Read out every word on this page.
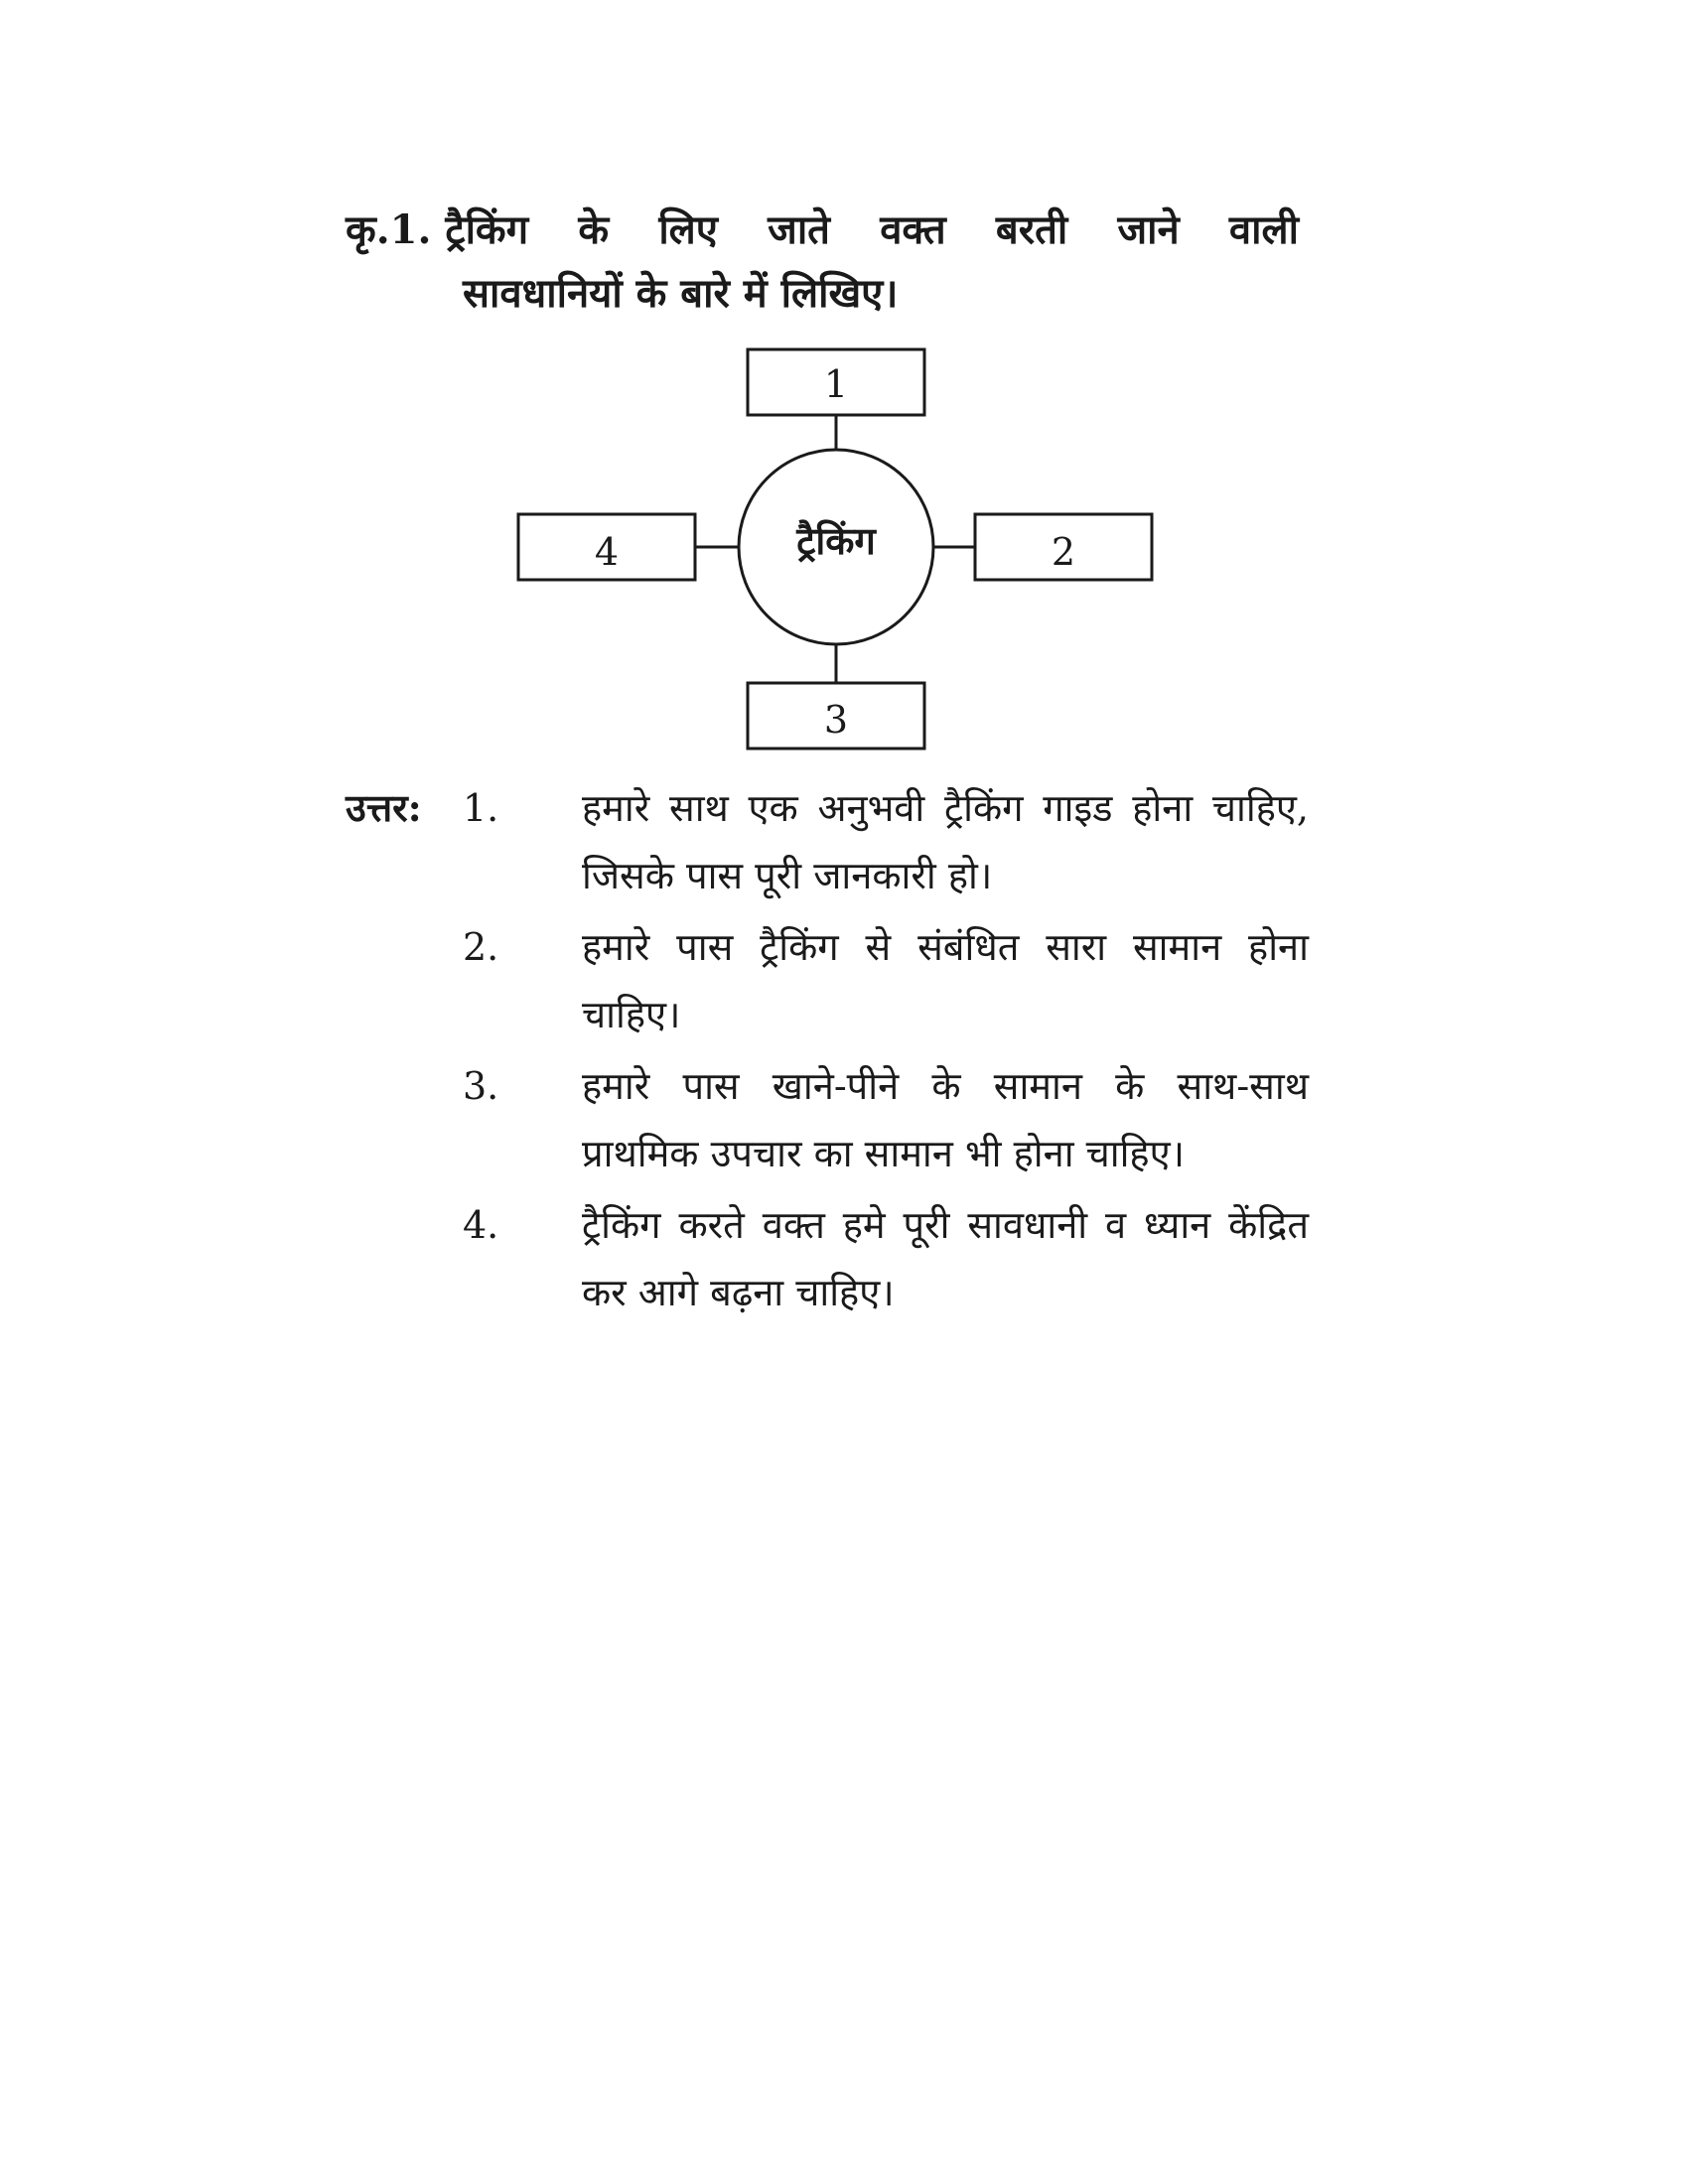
कृ.1. ट्रैकिंग के लिए जाते वक्त बरती जाने वाली
सावधानियों के बारे में लिखिए।
ट्रैकिंग
1
2
3
4
उत्तर: 1. हमारे साथ एक अनुभवी ट्रैकिंग गाइड होना चाहिए, जिसके पास पूरी जानकारी हो।
2. हमारे पास ट्रैकिंग से संबंधित सारा सामान होना चाहिए।
3. हमारे पास खाने-पीने के सामान के साथ-साथ प्राथमिक उपचार का सामान भी होना चाहिए।
4. ट्रैकिंग करते वक्त हमे पूरी सावधानी व ध्यान केंद्रित कर आगे बढ़ना चाहिए।
